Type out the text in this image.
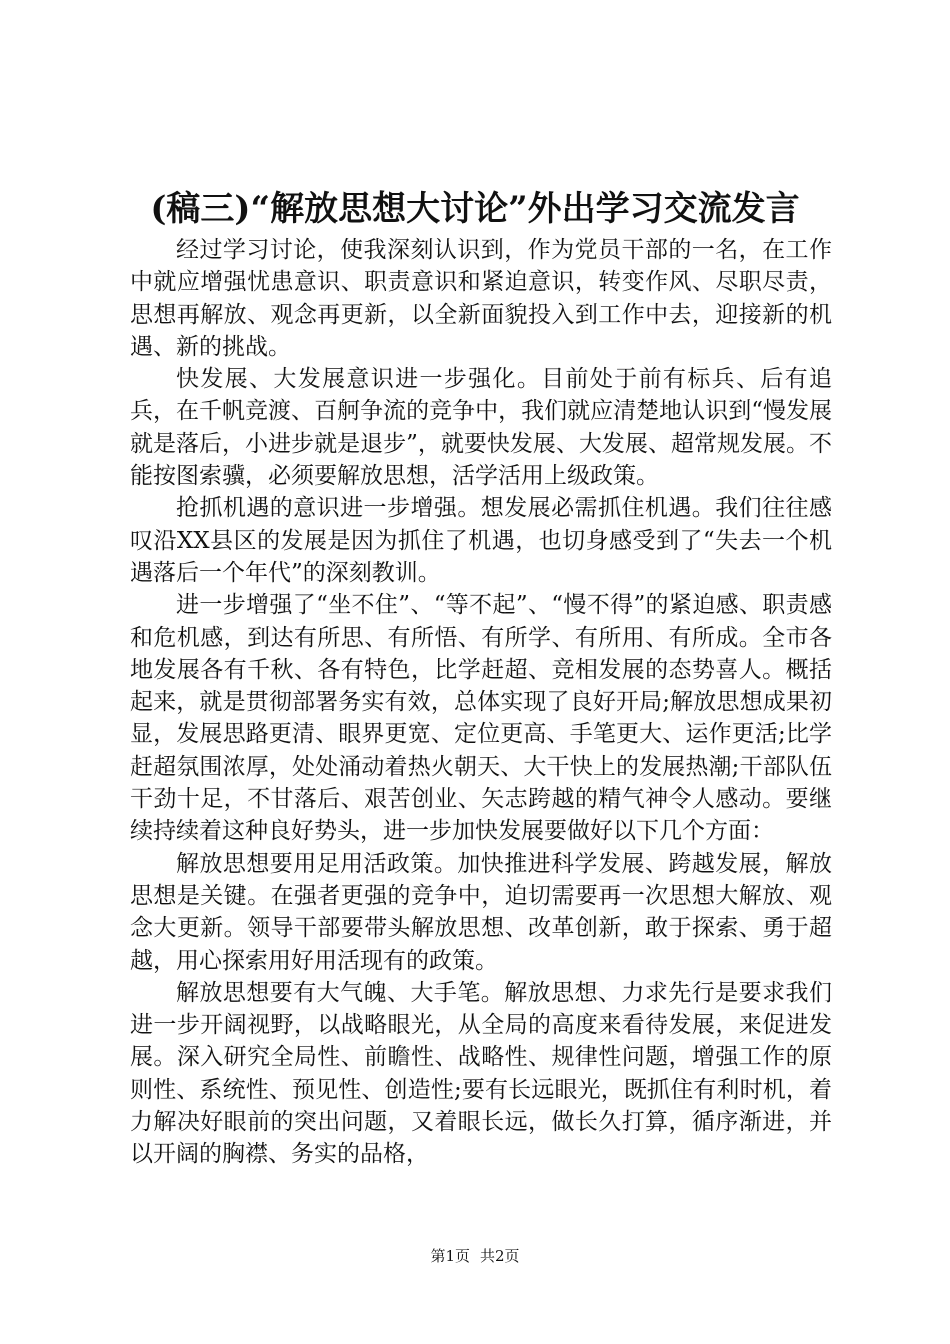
(稿三)“解放思想大讨论”外出学习交流发言

经过学习讨论，使我深刻认识到，作为党员干部的一名，在工作中就应增强忧患意识、职责意识和紧迫意识，转变作风、尽职尽责，思想再解放、观念再更新，以全新面貌投入到工作中去，迎接新的机遇、新的挑战。

快发展、大发展意识进一步强化。目前处于前有标兵、后有追兵，在千帆竞渡、百舸争流的竞争中，我们就应清楚地认识到“慢发展就是落后，小进步就是退步”，就要快发展、大发展、超常规发展。不能按图索骥，必须要解放思想，活学活用上级政策。

抢抓机遇的意识进一步增强。想发展必需抓住机遇。我们往往感叹沿XX县区的发展是因为抓住了机遇，也切身感受到了“失去一个机遇落后一个年代”的深刻教训。

进一步增强了“坐不住”、“等不起”、“慢不得”的紧迫感、职责感和危机感，到达有所思、有所悟、有所学、有所用、有所成。全市各地发展各有千秋、各有特色，比学赶超、竞相发展的态势喜人。概括起来，就是贯彻部署务实有效，总体实现了良好开局;解放思想成果初显，发展思路更清、眼界更宽、定位更高、手笔更大、运作更活;比学赶超氛围浓厚，处处涌动着热火朝天、大干快上的发展热潮;干部队伍干劲十足，不甘落后、艰苦创业、矢志跨越的精气神令人感动。要继续持续着这种良好势头，进一步加快发展要做好以下几个方面：

解放思想要用足用活政策。加快推进科学发展、跨越发展，解放思想是关键。在强者更强的竞争中，迫切需要再一次思想大解放、观念大更新。领导干部要带头解放思想、改革创新，敢于探索、勇于超越，用心探索用好用活现有的政策。

解放思想要有大气魄、大手笔。解放思想、力求先行是要求我们进一步开阔视野，以战略眼光，从全局的高度来看待发展，来促进发展。深入研究全局性、前瞻性、战略性、规律性问题，增强工作的原则性、系统性、预见性、创造性;要有长远眼光，既抓住有利时机，着力解决好眼前的突出问题，又着眼长远，做长久打算，循序渐进，并以开阔的胸襟、务实的品格，

第1页 共2页
